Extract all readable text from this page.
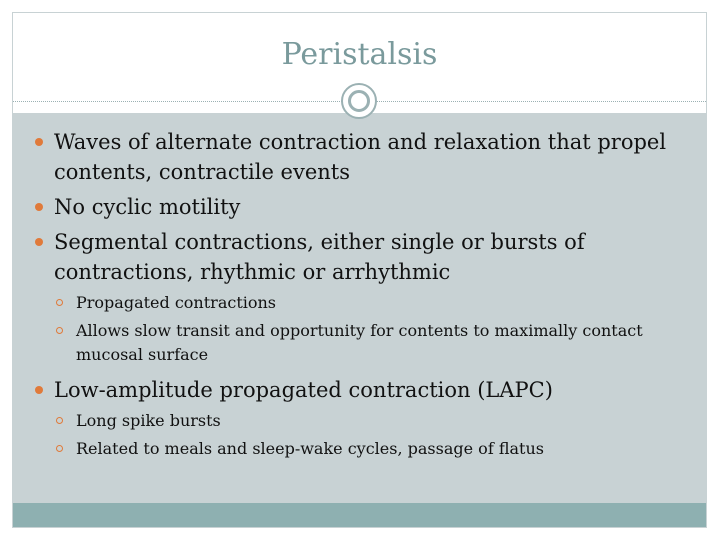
Peristalsis
Waves of alternate contraction and relaxation that propel contents, contractile events
No cyclic motility
Segmental contractions, either single or bursts of contractions, rhythmic or arrhythmic
Propagated contractions
Allows slow transit and opportunity for contents to maximally contact mucosal surface
Low-amplitude propagated contraction (LAPC)
Long spike bursts
Related to meals and sleep-wake cycles, passage of flatus
